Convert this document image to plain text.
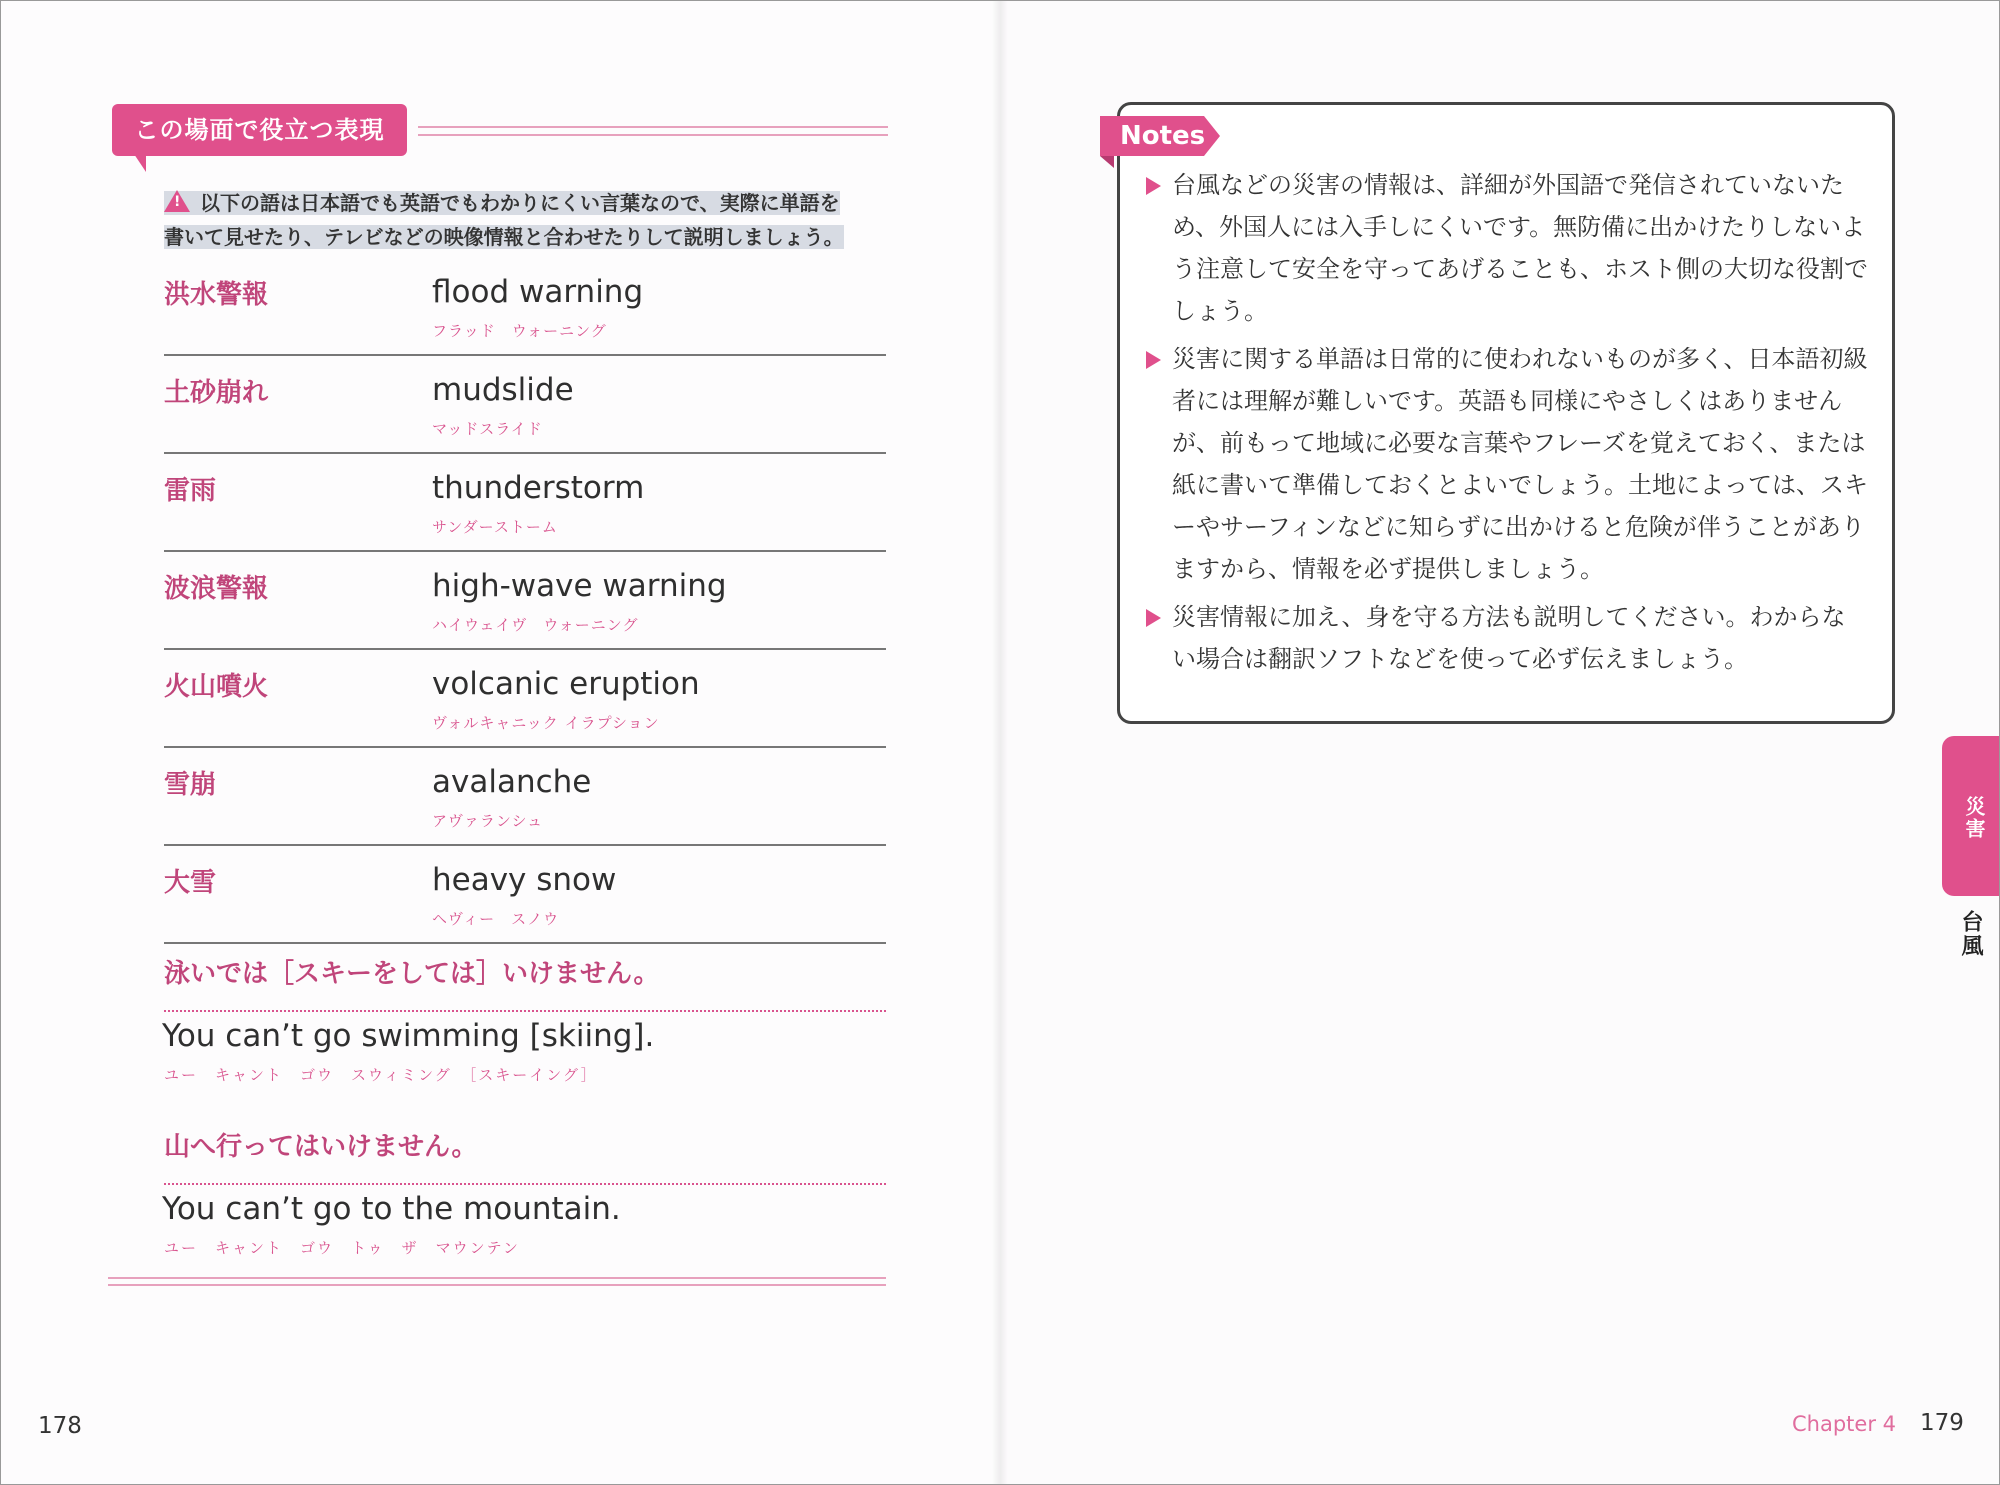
この場面で役立つ表現
!以下の語は日本語でも英語でもわかりにくい言葉なので、実際に単語を
書いて見せたり、テレビなどの映像情報と合わせたりして説明しましょう。
洪水警報	flood warning
フラッド　ウォーニング
土砂崩れ	mudslide
マッドスライド
雷雨	thunderstorm
サンダーストーム
波浪警報	high-wave warning
ハイウェイヴ　ウォーニング
火山噴火	volcanic eruption
ヴォルキャニック イラプション
雪崩	avalanche
アヴァランシュ
大雪	heavy snow
ヘヴィー　スノウ
泳いでは［スキーをしては］いけません。
You can’t go swimming [skiing].
ユー　キャント　ゴウ　スウィミング　［スキーイング］
山へ行ってはいけません。
You can’t go to the mountain.
ユー　キャント　ゴウ　トゥ　ザ　マウンテン
178
Notes
台風などの災害の情報は、詳細が外国語で発信されていないため、外国人には入手しにくいです。無防備に出かけたりしないよう注意して安全を守ってあげることも、ホスト側の大切な役割でしょう。
災害に関する単語は日常的に使われないものが多く、日本語初級者には理解が難しいです。英語も同様にやさしくはありませんが、前もって地域に必要な言葉やフレーズを覚えておく、または紙に書いて準備しておくとよいでしょう。土地によっては、スキーやサーフィンなどに知らずに出かけると危険が伴うことがありますから、情報を必ず提供しましょう。
災害情報に加え、身を守る方法も説明してください。わからない場合は翻訳ソフトなどを使って必ず伝えましょう。
災害
台風
Chapter 4 179
